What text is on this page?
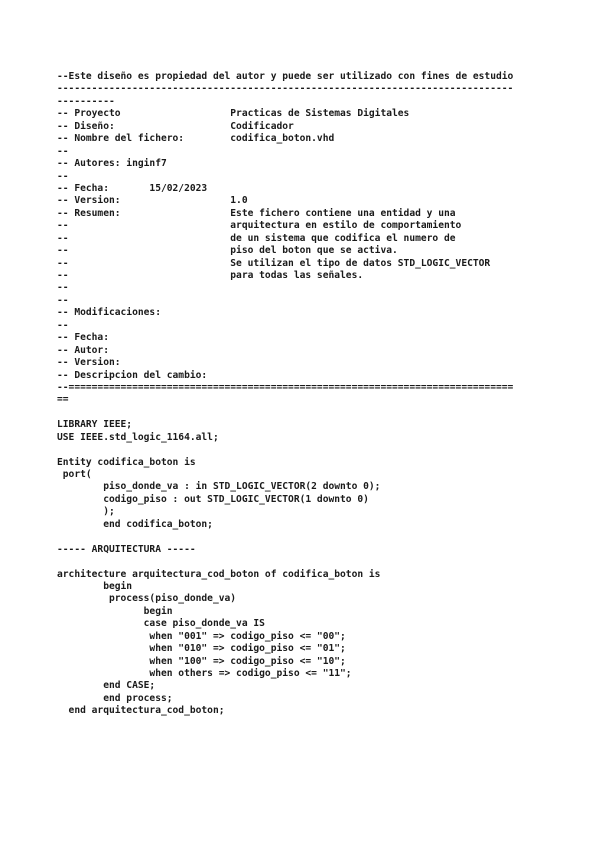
--Este diseño es propiedad del autor y puede ser utilizado con fines de estudio
-------------------------------------------------------------------------------
----------
-- Proyecto                   Practicas de Sistemas Digitales
-- Diseño:                    Codificador
-- Nombre del fichero:        codifica_boton.vhd
--
-- Autores: inginf7
--
-- Fecha:       15/02/2023
-- Version:                   1.0
-- Resumen:                   Este fichero contiene una entidad y una
--                            arquitectura en estilo de comportamiento
--                            de un sistema que codifica el numero de
--                            piso del boton que se activa.
--                            Se utilizan el tipo de datos STD_LOGIC_VECTOR
--                            para todas las señales.
--
--
-- Modificaciones:
--
-- Fecha:
-- Autor:
-- Version:
-- Descripcion del cambio:
--=============================================================================
==
LIBRARY IEEE;
USE IEEE.std_logic_1164.all;
Entity codifica_boton is
port(
piso_donde_va : in STD_LOGIC_VECTOR(2 downto 0);
codigo_piso : out STD_LOGIC_VECTOR(1 downto 0)
);
end codifica_boton;
----- ARQUITECTURA -----
architecture arquitectura_cod_boton of codifica_boton is
begin
process(piso_donde_va)
begin
case piso_donde_va IS
when "001" => codigo_piso <= "00";
when "010" => codigo_piso <= "01";
when "100" => codigo_piso <= "10";
when others => codigo_piso <= "11";
end CASE;
end process;
end arquitectura_cod_boton;
